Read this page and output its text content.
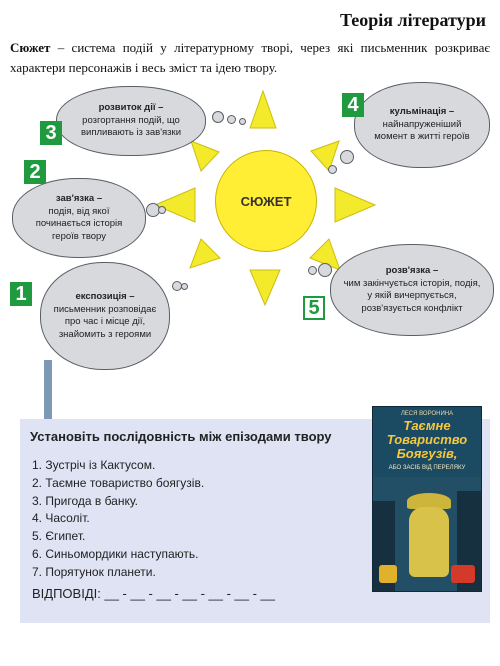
Теорія літератури
Сюжет – система подій у літературному творі, через які письменник розкриває характери персонажів і весь зміст та ідею твору.
СЮЖЕТ
розвиток дії –
розгортання подій, що випливають із зав'язки
3
кульмінація –
найнапруженіший момент в житті героїв
4
зав'язка –
подія, від якої починається історія героїв твору
2
розв'язка –
чим закінчується історія, подія, у якій вичерпується, розв'язується конфлікт
5
експозиція –
письменник розповідає про час і місце дії, знайомить з героями
1
Установіть послідовність між епізодами твору
1. Зустріч із Кактусом.
2. Таємне товариство боягузів.
3. Пригода в банку.
4. Часоліт.
5. Єгипет.
6. Синьомордики наступають.
7. Порятунок планети.
ВІДПОВІДІ: __ - __ - __ - __ - __ - __ - __
ЛЕСЯ ВОРОНИНА
Таємне Товариство Боягузів,
АБО ЗАСІБ ВІД ПЕРЕЛЯКУ
